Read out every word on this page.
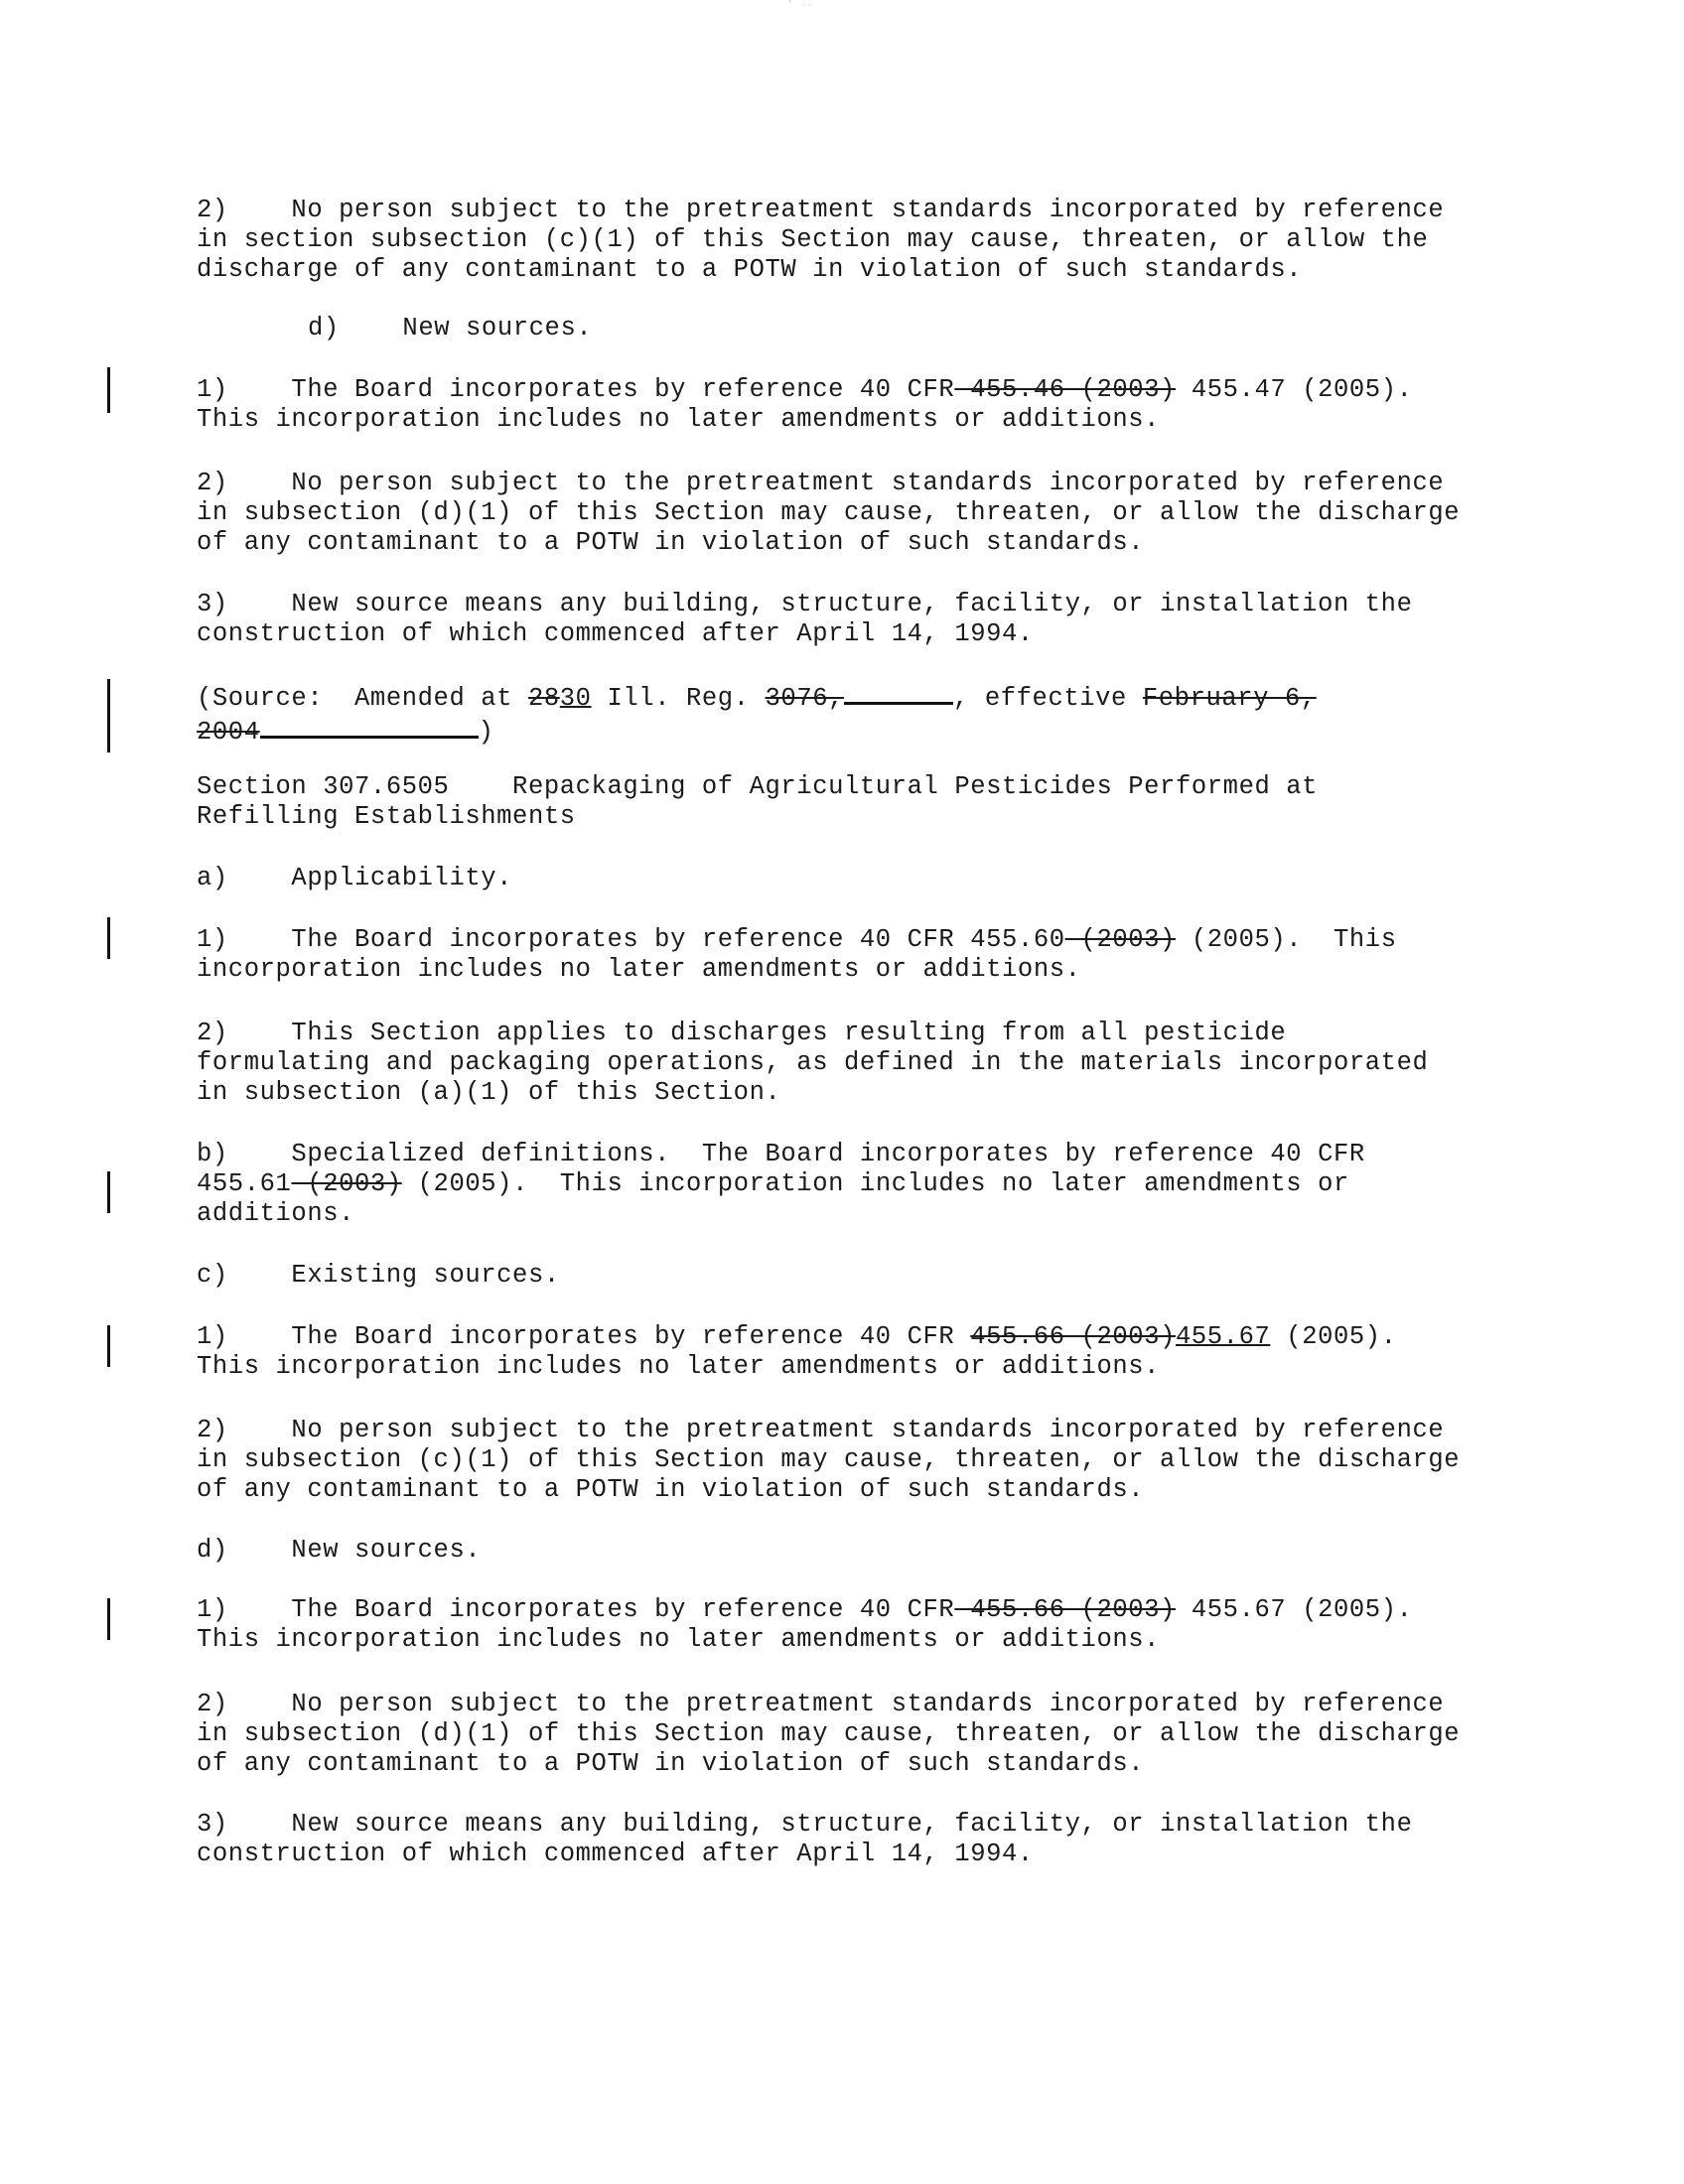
' ..

2)    No person subject to the pretreatment standards incorporated by reference
in section subsection (c)(1) of this Section may cause, threaten, or allow the
discharge of any contaminant to a POTW in violation of such standards.

d)    New sources.

1)    The Board incorporates by reference 40 CFR 455.46 (2003) 455.47 (2005).
This incorporation includes no later amendments or additions.

2)    No person subject to the pretreatment standards incorporated by reference
in subsection (d)(1) of this Section may cause, threaten, or allow the discharge
of any contaminant to a POTW in violation of such standards.

3)    New source means any building, structure, facility, or installation the
construction of which commenced after April 14, 1994.

(Source:  Amended at 2830 Ill. Reg. 3076,	, effective February 6,
2004	)

Section 307.6505    Repackaging of Agricultural Pesticides Performed at
Refilling Establishments

a)    Applicability.

1)    The Board incorporates by reference 40 CFR 455.60 (2003) (2005).  This
incorporation includes no later amendments or additions.

2)    This Section applies to discharges resulting from all pesticide
formulating and packaging operations, as defined in the materials incorporated
in subsection (a)(1) of this Section.

b)    Specialized definitions.  The Board incorporates by reference 40 CFR
455.61 (2003) (2005).  This incorporation includes no later amendments or
additions.

c)    Existing sources.

1)    The Board incorporates by reference 40 CFR 455.66 (2003)455.67 (2005).
This incorporation includes no later amendments or additions.

2)    No person subject to the pretreatment standards incorporated by reference
in subsection (c)(1) of this Section may cause, threaten, or allow the discharge
of any contaminant to a POTW in violation of such standards.

d)    New sources.

1)    The Board incorporates by reference 40 CFR 455.66 (2003) 455.67 (2005).
This incorporation includes no later amendments or additions.

2)    No person subject to the pretreatment standards incorporated by reference
in subsection (d)(1) of this Section may cause, threaten, or allow the discharge
of any contaminant to a POTW in violation of such standards.

3)    New source means any building, structure, facility, or installation the
construction of which commenced after April 14, 1994.
